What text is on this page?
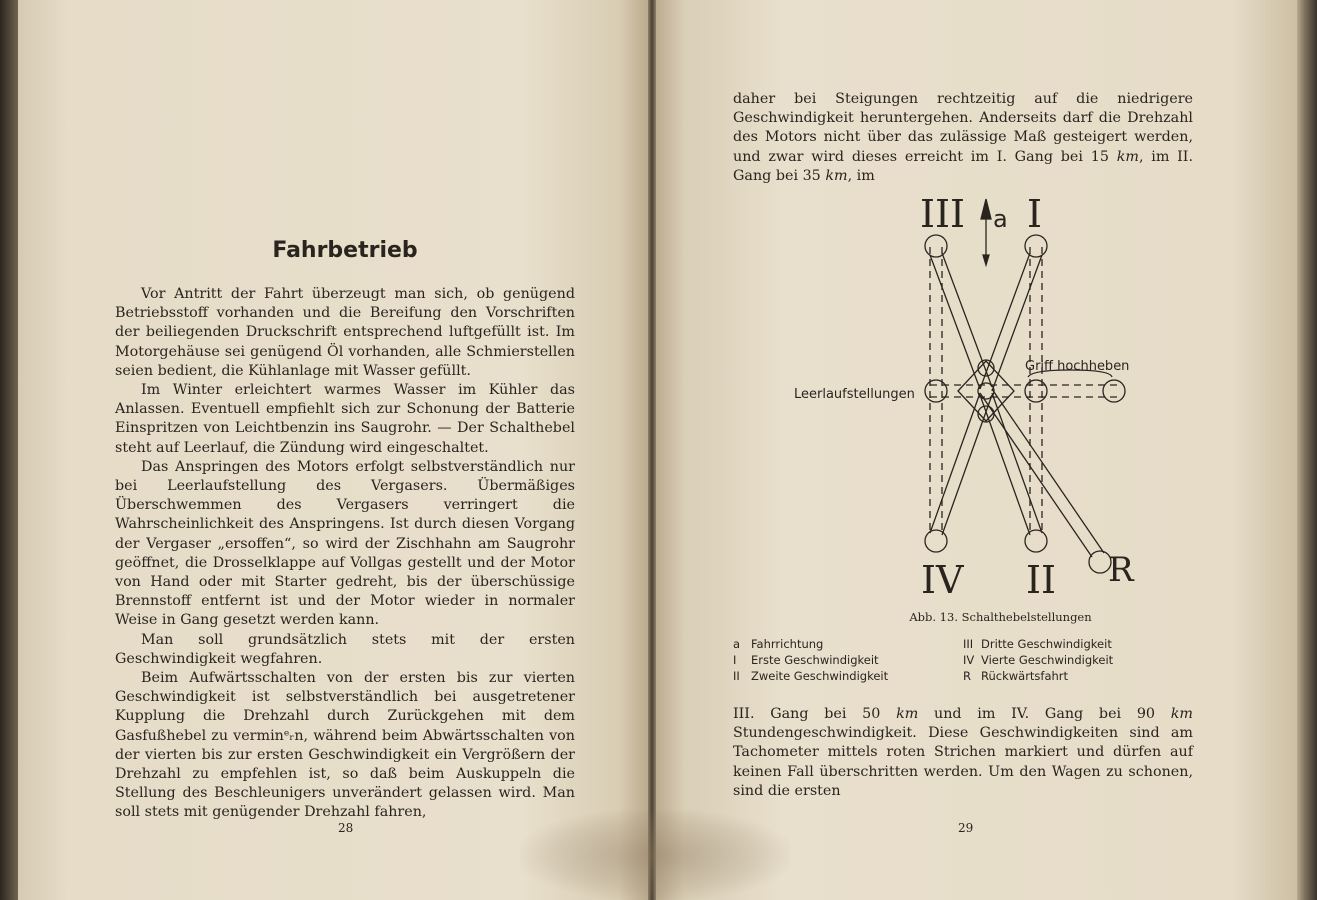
Fahrbetrieb

Vor Antritt der Fahrt überzeugt man sich, ob genügend Betriebsstoff vorhanden und die Bereifung den Vorschriften der beiliegenden Druckschrift entsprechend luftgefüllt ist. Im Motorgehäuse sei genügend Öl vorhanden, alle Schmierstellen seien bedient, die Kühlanlage mit Wasser gefüllt.

Im Winter erleichtert warmes Wasser im Kühler das Anlassen. Eventuell empfiehlt sich zur Schonung der Batterie Einspritzen von Leichtbenzin ins Saugrohr. — Der Schalthebel steht auf Leerlauf, die Zündung wird eingeschaltet.

Das Anspringen des Motors erfolgt selbstverständlich nur bei Leerlaufstellung des Vergasers. Übermäßiges Überschwemmen des Vergasers verringert die Wahrscheinlichkeit des Anspringens. Ist durch diesen Vorgang der Vergaser „ersoffen“, so wird der Zischhahn am Saugrohr geöffnet, die Drosselklappe auf Vollgas gestellt und der Motor von Hand oder mit Starter gedreht, bis der überschüssige Brennstoff entfernt ist und der Motor wieder in normaler Weise in Gang gesetzt werden kann.

Man soll grundsätzlich stets mit der ersten Geschwindigkeit wegfahren.

Beim Aufwärtsschalten von der ersten bis zur vierten Geschwindigkeit ist selbstverständlich bei ausgetretener Kupplung die Drehzahl durch Zurückgehen mit dem Gasfußhebel zu verminᵉᵣn, während beim Abwärtsschalten von der vierten bis zur ersten Geschwindigkeit ein Vergrößern der Drehzahl zu empfehlen ist, so daß beim Auskuppeln die Stellung des Beschleunigers unverändert gelassen wird. Man soll stets mit genügender Drehzahl fahren,

28

daher bei Steigungen rechtzeitig auf die niedrigere Geschwindigkeit heruntergehen. Anderseits darf die Drehzahl des Motors nicht über das zulässige Maß gesteigert werden, und zwar wird dieses erreicht im I. Gang bei 15 km, im II. Gang bei 35 km, im

III I
IV II R
a
Leerlaufstellungen
Griff hochheben
Abb. 13. Schalthebelstellungen
a Fahrrichtung
I Erste Geschwindigkeit
II Zweite Geschwindigkeit
III Dritte Geschwindigkeit
IV Vierte Geschwindigkeit
R Rückwärtsfahrt

III. Gang bei 50 km und im IV. Gang bei 90 km Stundengeschwindigkeit. Diese Geschwindigkeiten sind am Tachometer mittels roten Strichen markiert und dürfen auf keinen Fall überschritten werden. Um den Wagen zu schonen, sind die ersten

29
